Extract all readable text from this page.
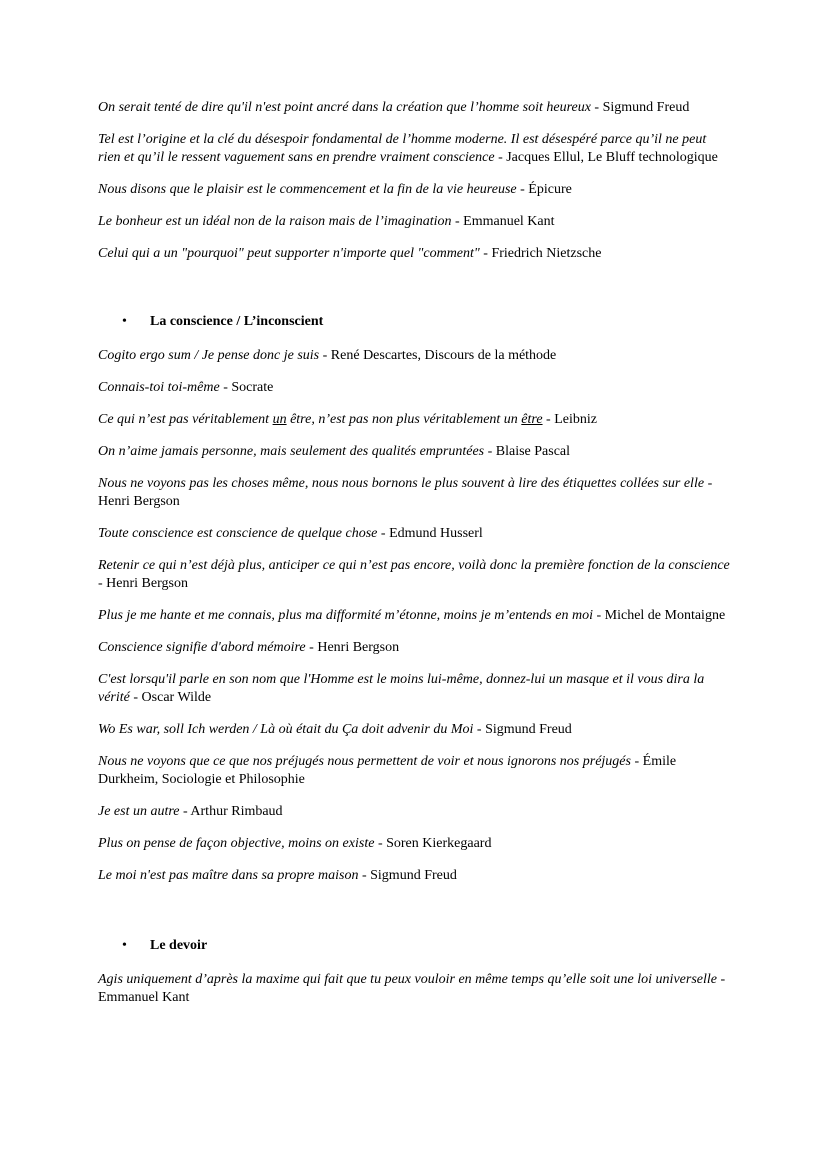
On serait tenté de dire qu'il n'est point ancré dans la création que l’homme soit heureux - Sigmund Freud

Tel est l’origine et la clé du désespoir fondamental de l’homme moderne. Il est désespéré parce qu’il ne peut rien et qu’il le ressent vaguement sans en prendre vraiment conscience - Jacques Ellul, Le Bluff technologique

Nous disons que le plaisir est le commencement et la fin de la vie heureuse - Épicure

Le bonheur est un idéal non de la raison mais de l’imagination - Emmanuel Kant

Celui qui a un "pourquoi" peut supporter n'importe quel "comment" - Friedrich Nietzsche

• La conscience / L’inconscient

Cogito ergo sum / Je pense donc je suis - René Descartes, Discours de la méthode

Connais-toi toi-même - Socrate

Ce qui n’est pas véritablement un être, n’est pas non plus véritablement un être - Leibniz

On n’aime jamais personne, mais seulement des qualités empruntées - Blaise Pascal

Nous ne voyons pas les choses même, nous nous bornons le plus souvent à lire des étiquettes collées sur elle - Henri Bergson

Toute conscience est conscience de quelque chose - Edmund Husserl

Retenir ce qui n’est déjà plus, anticiper ce qui n’est pas encore, voilà donc la première fonction de la conscience - Henri Bergson

Plus je me hante et me connais, plus ma difformité m’étonne, moins je m’entends en moi - Michel de Montaigne

Conscience signifie d'abord mémoire - Henri Bergson

C'est lorsqu'il parle en son nom que l'Homme est le moins lui-même, donnez-lui un masque et il vous dira la vérité - Oscar Wilde

Wo Es war, soll Ich werden / Là où était du Ça doit advenir du Moi - Sigmund Freud

Nous ne voyons que ce que nos préjugés nous permettent de voir et nous ignorons nos préjugés - Émile Durkheim, Sociologie et Philosophie

Je est un autre - Arthur Rimbaud

Plus on pense de façon objective, moins on existe - Soren Kierkegaard

Le moi n'est pas maître dans sa propre maison - Sigmund Freud

• Le devoir

Agis uniquement d’après la maxime qui fait que tu peux vouloir en même temps qu’elle soit une loi universelle - Emmanuel Kant
